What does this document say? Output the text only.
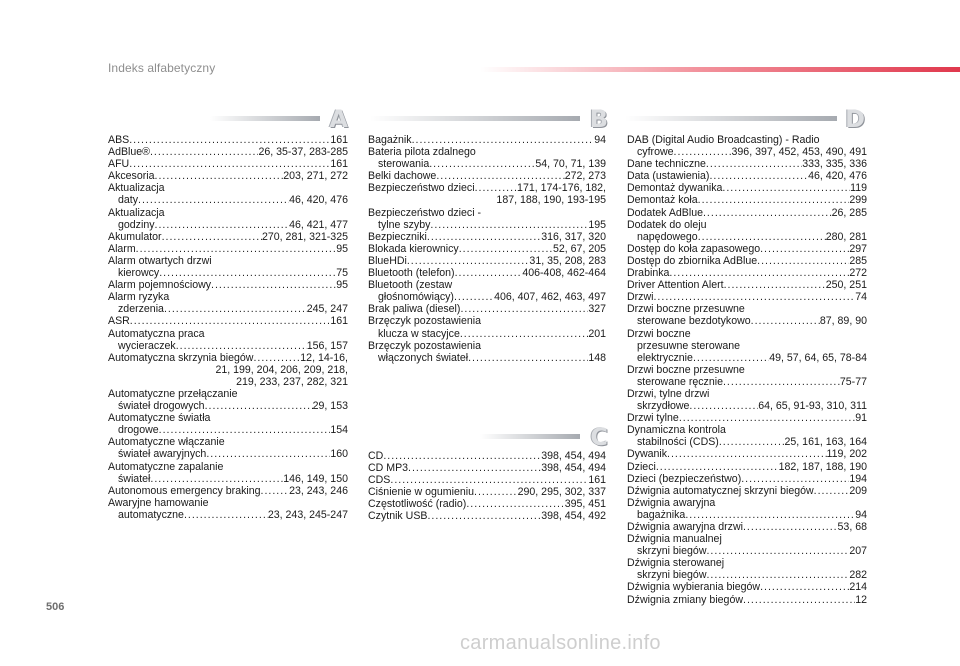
Indeks alfabetyczny
A	B
C
D
ABS .....	161
AdBlue® .....	26, 35-37, 283-285
AFU .....	161
Akcesoria .....	203, 271, 272
Aktualizacja
daty .....	46, 420, 476
Aktualizacja
godziny .....	46, 421, 477
Akumulator .....	270, 281, 321-325
Alarm .....	95
Alarm otwartych drzwi
kierowcy .....	75
Alarm pojemnościowy .....	95
Alarm ryzyka
zderzenia .....	245, 247
ASR .....	161
Automatyczna praca
wycieraczek .....	156, 157
Automatyczna skrzynia biegów .....	12, 14-16,
21, 199, 204, 206, 209, 218,
219, 233, 237, 282, 321
Automatyczne przełączanie
świateł drogowych .....	29, 153
Automatyczne światła
drogowe .....	154
Automatyczne włączanie
świateł awaryjnych .....	160
Automatyczne zapalanie
świateł .....	146, 149, 150
Autonomous emergency braking .....	23, 243, 246
Awaryjne hamowanie
automatyczne .....	23, 243, 245-247
Bagażnik .....	94
Bateria pilota zdalnego
sterowania .....	54, 70, 71, 139
Belki dachowe .....	272, 273
Bezpieczeństwo dzieci .....	171, 174-176, 182,
187, 188, 190, 193-195
Bezpieczeństwo dzieci -
tylne szyby .....	195
Bezpieczniki .....	316, 317, 320
Blokada kierownicy .....	52, 67, 205
BlueHDi .....	31, 35, 208, 283
Bluetooth (telefon) .....	406-408, 462-464
Bluetooth (zestaw
głośnomówiący) .....	406, 407, 462, 463, 497
Brak paliwa (diesel) .....	327
Brzęczyk pozostawienia
klucza w stacyjce .....	201
Brzęczyk pozostawienia
włączonych świateł .....	148
CD .....	398, 454, 494
CD MP3 .....	398, 454, 494
CDS .....	161
Ciśnienie w ogumieniu .....	290, 295, 302, 337
Częstotliwość (radio) .....	395, 451
Czytnik USB .....	398, 454, 492
DAB (Digital Audio Broadcasting) - Radio
cyfrowe .....	396, 397, 452, 453, 490, 491
Dane techniczne .....	333, 335, 336
Data (ustawienia) .....	46, 420, 476
Demontaż dywanika .....	119
Demontaż koła .....	299
Dodatek AdBlue .....	26, 285
Dodatek do oleju
napędowego .....	280, 281
Dostęp do koła zapasowego .....	297
Dostęp do zbiornika AdBlue .....	285
Drabinka .....	272
Driver Attention Alert .....	250, 251
Drzwi .....	74
Drzwi boczne przesuwne
sterowane bezdotykowo .....	87, 89, 90
Drzwi boczne
przesuwne sterowane
elektrycznie .....	49, 57, 64, 65, 78-84
Drzwi boczne przesuwne
sterowane ręcznie .....	75-77
Drzwi, tylne drzwi
skrzydłowe .....	64, 65, 91-93, 310, 311
Drzwi tylne .....	91
Dynamiczna kontrola
stabilności (CDS) .....	25, 161, 163, 164
Dywanik .....	119, 202
Dzieci .....	182, 187, 188, 190
Dzieci (bezpieczeństwo) .....	194
Dźwignia automatycznej skrzyni biegów .....	209
Dźwignia awaryjna
bagażnika .....	94
Dźwignia awaryjna drzwi .....	53, 68
Dźwignia manualnej
skrzyni biegów .....	207
Dźwignia sterowanej
skrzyni biegów .....	282
Dźwignia wybierania biegów .....	214
Dźwignia zmiany biegów .....	12
506
carmanualsonline.info
